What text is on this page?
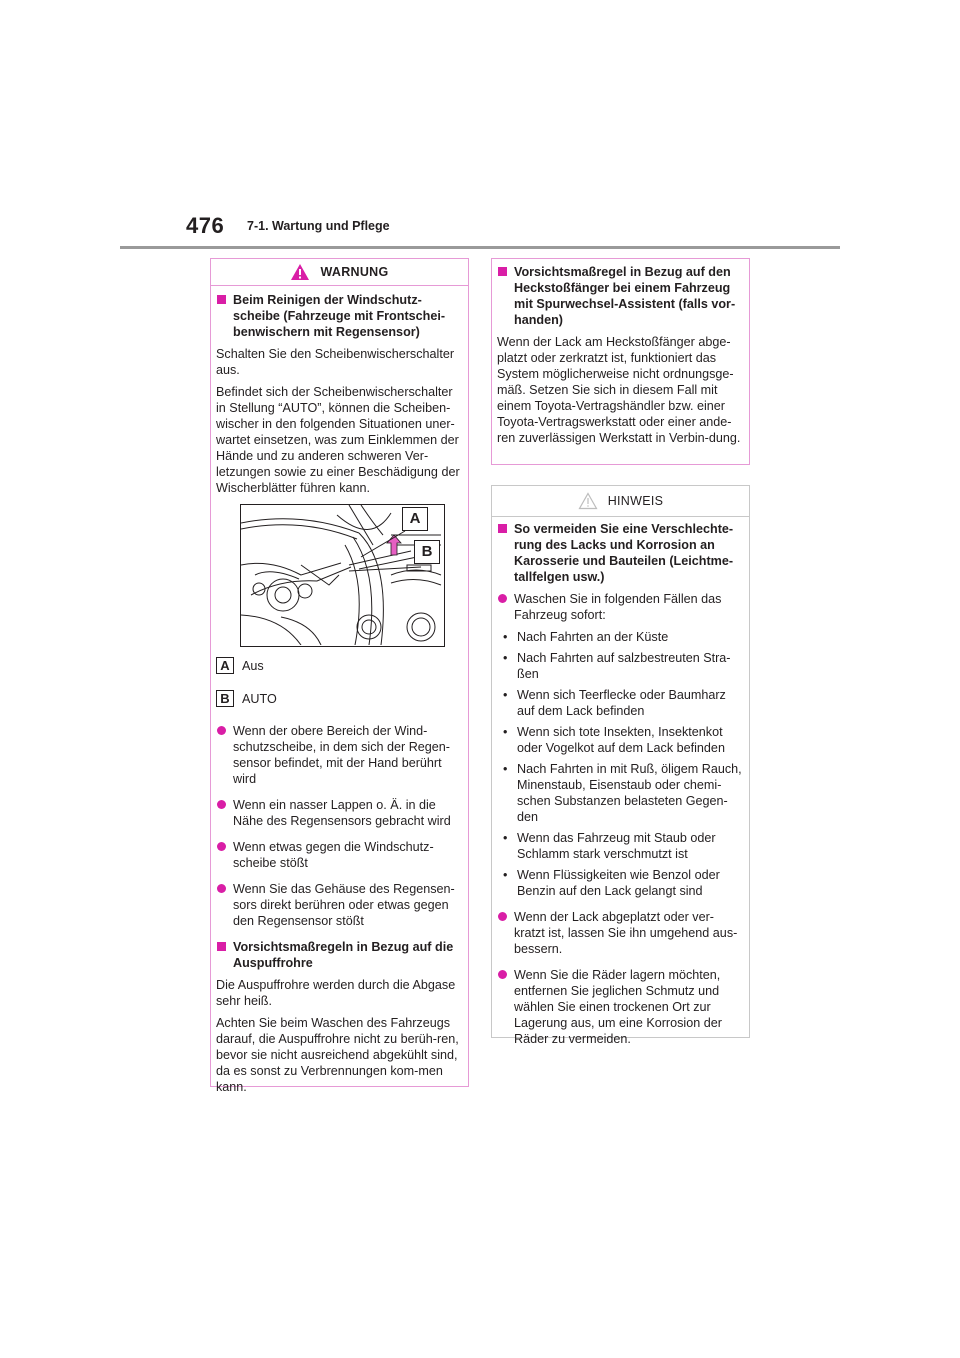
476 7-1. Wartung und Pflege
WARNUNG
Beim Reinigen der Windschutz-scheibe (Fahrzeuge mit Frontschei-benwischern mit Regensensor)

Schalten Sie den Scheibenwischerschalter aus.

Befindet sich der Scheibenwischerschalter in Stellung “AUTO”, können die Scheiben-wischer in den folgenden Situationen uner-wartet einsetzen, was zum Einklemmen der Hände und zu anderen schweren Ver-letzungen sowie zu einer Beschädigung der Wischerblätter führen kann.

A
B
A Aus
B AUTO
Wenn der obere Bereich der Wind-schutzscheibe, in dem sich der Regen-sensor befindet, mit der Hand berührt wird
Wenn ein nasser Lappen o. Ä. in die Nähe des Regensensors gebracht wird
Wenn etwas gegen die Windschutz-scheibe stößt
Wenn Sie das Gehäuse des Regensen-sors direkt berühren oder etwas gegen den Regensensor stößt
Vorsichtsmaßregeln in Bezug auf die Auspuffrohre

Die Auspuffrohre werden durch die Abgase sehr heiß.

Achten Sie beim Waschen des Fahrzeugs darauf, die Auspuffrohre nicht zu berüh-ren, bevor sie nicht ausreichend abgekühlt sind, da es sonst zu Verbrennungen kom-men kann.

Vorsichtsmaßregel in Bezug auf den Heckstoßfänger bei einem Fahrzeug mit Spurwechsel-Assistent (falls vor-handen)

Wenn der Lack am Heckstoßfänger abge-platzt oder zerkratzt ist, funktioniert das System möglicherweise nicht ordnungsge-mäß. Setzen Sie sich in diesem Fall mit einem Toyota-Vertragshändler bzw. einer Toyota-Vertragswerkstatt oder einer ande-ren zuverlässigen Werkstatt in Verbin-dung.

HINWEIS
So vermeiden Sie eine Verschlechte-rung des Lacks und Korrosion an Karosserie und Bauteilen (Leichtme-tallfelgen usw.)
Waschen Sie in folgenden Fällen das Fahrzeug sofort:
• Nach Fahrten an der Küste
• Nach Fahrten auf salzbestreuten Stra-ßen
• Wenn sich Teerflecke oder Baumharz auf dem Lack befinden
• Wenn sich tote Insekten, Insektenkot oder Vogelkot auf dem Lack befinden
• Nach Fahrten in mit Ruß, öligem Rauch, Minenstaub, Eisenstaub oder chemi-schen Substanzen belasteten Gegen-den
• Wenn das Fahrzeug mit Staub oder Schlamm stark verschmutzt ist
• Wenn Flüssigkeiten wie Benzol oder Benzin auf den Lack gelangt sind
Wenn der Lack abgeplatzt oder ver-kratzt ist, lassen Sie ihn umgehend aus-bessern.
Wenn Sie die Räder lagern möchten, entfernen Sie jeglichen Schmutz und wählen Sie einen trockenen Ort zur Lagerung aus, um eine Korrosion der Räder zu vermeiden.
